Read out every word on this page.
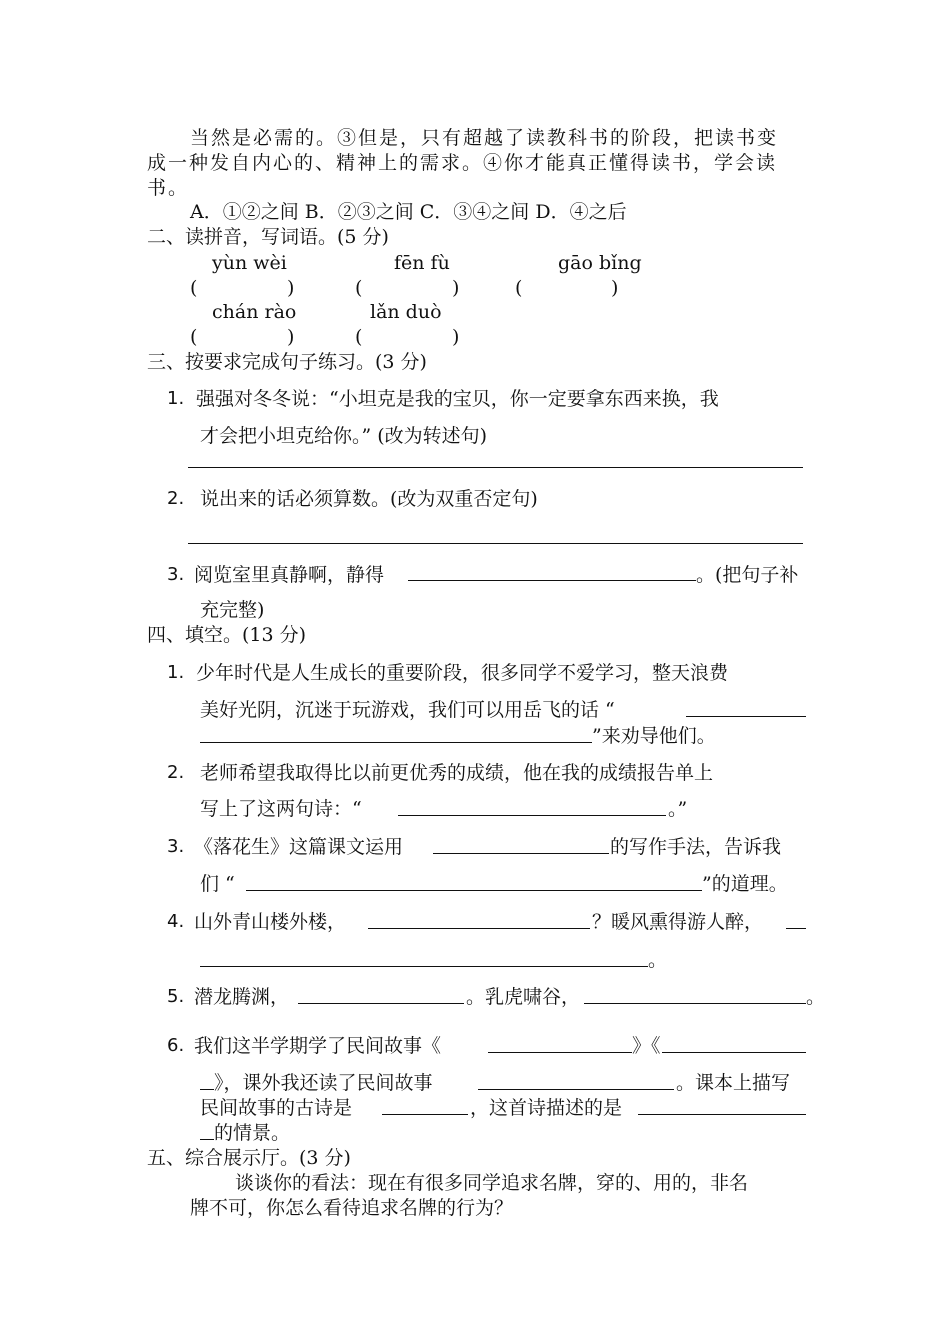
当然是必需的。③但是，只有超越了读教科书的阶段，把读书变
成一种发自内心的、精神上的需求。④你才能真正懂得读书，学会读
书。
A．①②之间 B．②③之间 C．③④之间 D．④之后
二、读拼音，写词语。(5 分)
yùn wèi	fēn fù	gāo bǐng
(	)	(	)	(	)
chán rào	lǎn duò
(	)	(	)
三、按要求完成句子练习。(3 分)
1. 强强对冬冬说：“小坦克是我的宝贝，你一定要拿东西来换，我
才会把小坦克给你。” (改为转述句)
2. 说出来的话必须算数。(改为双重否定句)
3. 阅览室里真静啊，静得	。(把句子补
充完整)
四、填空。(13 分)
1. 少年时代是人生成长的重要阶段，很多同学不爱学习，整天浪费
美好光阴，沉迷于玩游戏，我们可以用岳飞的话 “
”来劝导他们。
2. 老师希望我取得比以前更优秀的成绩，他在我的成绩报告单上
写上了这两句诗：“	。”
3. 《落花生》这篇课文运用	的写作手法，告诉我
们 “	”的道理。
4. 山外青山楼外楼，	？暖风熏得游人醉，
。
5. 潜龙腾渊，	。乳虎啸谷，	。
6. 我们这半学期学了民间故事《	》《
》，课外我还读了民间故事	。课本上描写
民间故事的古诗是	，这首诗描述的是
的情景。
五、综合展示厅。(3 分)
谈谈你的看法：现在有很多同学追求名牌，穿的、用的，非名
牌不可，你怎么看待追求名牌的行为？
